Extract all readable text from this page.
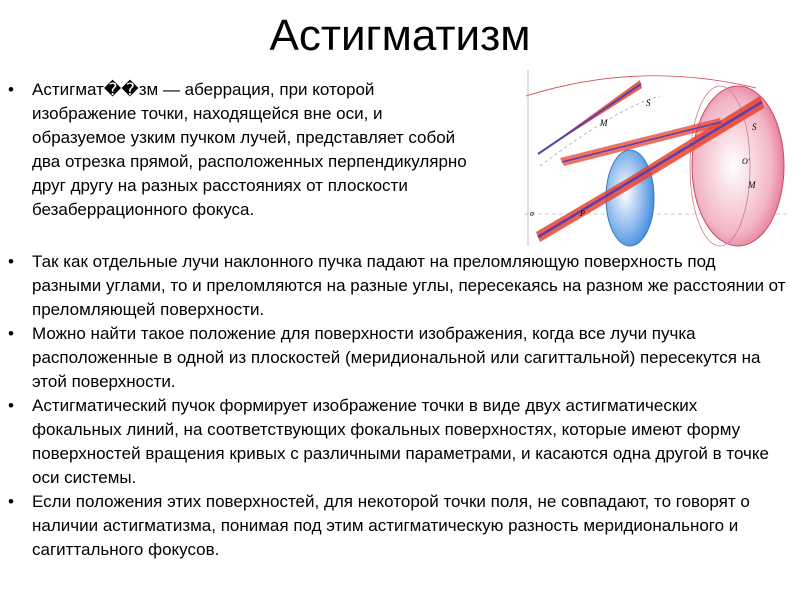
Астигматизм
•	Астигмат��зм — аберрация, при которой изображение точки, находящейся вне оси, и образуемое узким пучком лучей, представляет собой два отрезка прямой, расположенных перпендикулярно друг другу на разных расстояниях от плоскости безаберрационного фокуса.
S
M	S
M
O'
P
σ
•	Так как отдельные лучи наклонного пучка падают на преломляющую поверхность под разными углами, то и преломляются на разные углы, пересекаясь на разном же расстоянии от преломляющей поверхности.
•	Можно найти такое положение для поверхности изображения, когда все лучи пучка расположенные в одной из плоскостей (меридиональной или сагиттальной) пересекутся на этой поверхности.
•	Астигматический пучок формирует изображение точки в виде двух астигматических фокальных линий, на соответствующих фокальных поверхностях, которые имеют форму поверхностей вращения кривых с различными параметрами, и касаются одна другой в точке оси системы.
•	Если положения этих поверхностей, для некоторой точки поля, не совпадают, то говорят о наличии астигматизма, понимая под этим астигматическую разность меридионального и сагиттального фокусов.
